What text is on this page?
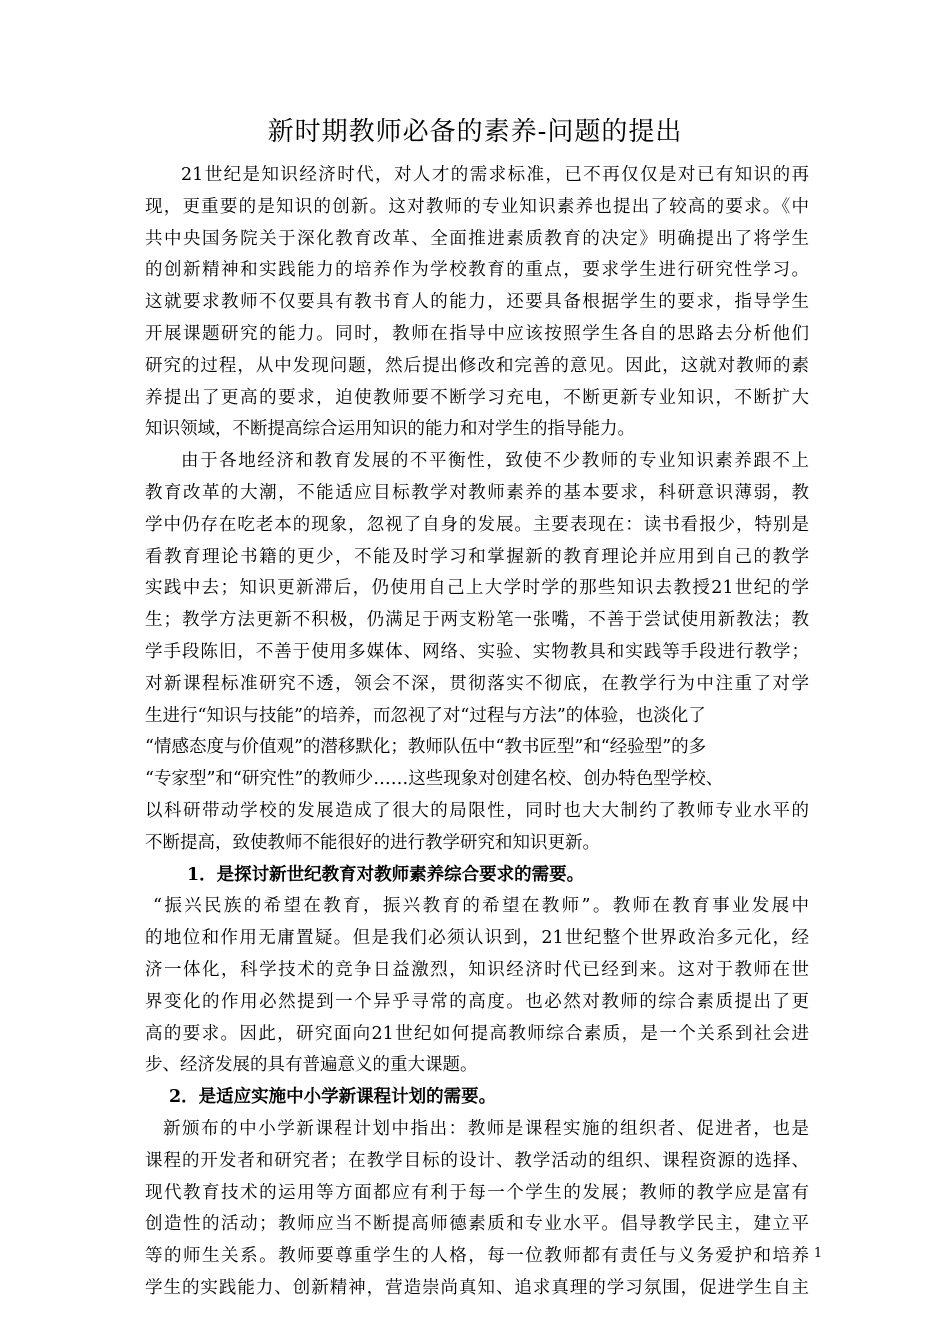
新时期教师必备的素养-问题的提出
21世纪是知识经济时代，对人才的需求标准，已不再仅仅是对已有知识的再
现，更重要的是知识的创新。这对教师的专业知识素养也提出了较高的要求。《中
共中央国务院关于深化教育改革、全面推进素质教育的决定》明确提出了将学生
的创新精神和实践能力的培养作为学校教育的重点，要求学生进行研究性学习。
这就要求教师不仅要具有教书育人的能力，还要具备根据学生的要求，指导学生
开展课题研究的能力。同时，教师在指导中应该按照学生各自的思路去分析他们
研究的过程，从中发现问题，然后提出修改和完善的意见。因此，这就对教师的素
养提出了更高的要求，迫使教师要不断学习充电，不断更新专业知识，不断扩大
知识领域，不断提高综合运用知识的能力和对学生的指导能力。
由于各地经济和教育发展的不平衡性，致使不少教师的专业知识素养跟不上
教育改革的大潮，不能适应目标教学对教师素养的基本要求，科研意识薄弱，教
学中仍存在吃老本的现象，忽视了自身的发展。主要表现在：读书看报少，特别是
看教育理论书籍的更少，不能及时学习和掌握新的教育理论并应用到自己的教学
实践中去；知识更新滞后，仍使用自己上大学时学的那些知识去教授21世纪的学
生；教学方法更新不积极，仍满足于两支粉笔一张嘴，不善于尝试使用新教法；教
学手段陈旧，不善于使用多媒体、网络、实验、实物教具和实践等手段进行教学；
对新课程标准研究不透，领会不深，贯彻落实不彻底，在教学行为中注重了对学
生进行“知识与技能”的培养，而忽视了对“过程与方法”的体验，也淡化了
“情感态度与价值观”的潜移默化；教师队伍中“教书匠型”和“经验型”的多
“专家型”和“研究性”的教师少……这些现象对创建名校、创办特色型学校、
以科研带动学校的发展造成了很大的局限性，同时也大大制约了教师专业水平的
不断提高，致使教师不能很好的进行教学研究和知识更新。
1．是探讨新世纪教育对教师素养综合要求的需要。
“振兴民族的希望在教育，振兴教育的希望在教师”。教师在教育事业发展中
的地位和作用无庸置疑。但是我们必须认识到，21世纪整个世界政治多元化，经
济一体化，科学技术的竞争日益激烈，知识经济时代已经到来。这对于教师在世
界变化的作用必然提到一个异乎寻常的高度。也必然对教师的综合素质提出了更
高的要求。因此，研究面向21世纪如何提高教师综合素质，是一个关系到社会进
步、经济发展的具有普遍意义的重大课题。
2．是适应实施中小学新课程计划的需要。
新颁布的中小学新课程计划中指出：教师是课程实施的组织者、促进者，也是
课程的开发者和研究者；在教学目标的设计、教学活动的组织、课程资源的选择、
现代教育技术的运用等方面都应有利于每一个学生的发展；教师的教学应是富有
创造性的活动；教师应当不断提高师德素质和专业水平。倡导教学民主，建立平
等的师生关系。教师要尊重学生的人格，每一位教师都有责任与义务爱护和培养
学生的实践能力、创新精神，营造崇尚真知、追求真理的学习氛围，促进学生自主
1
